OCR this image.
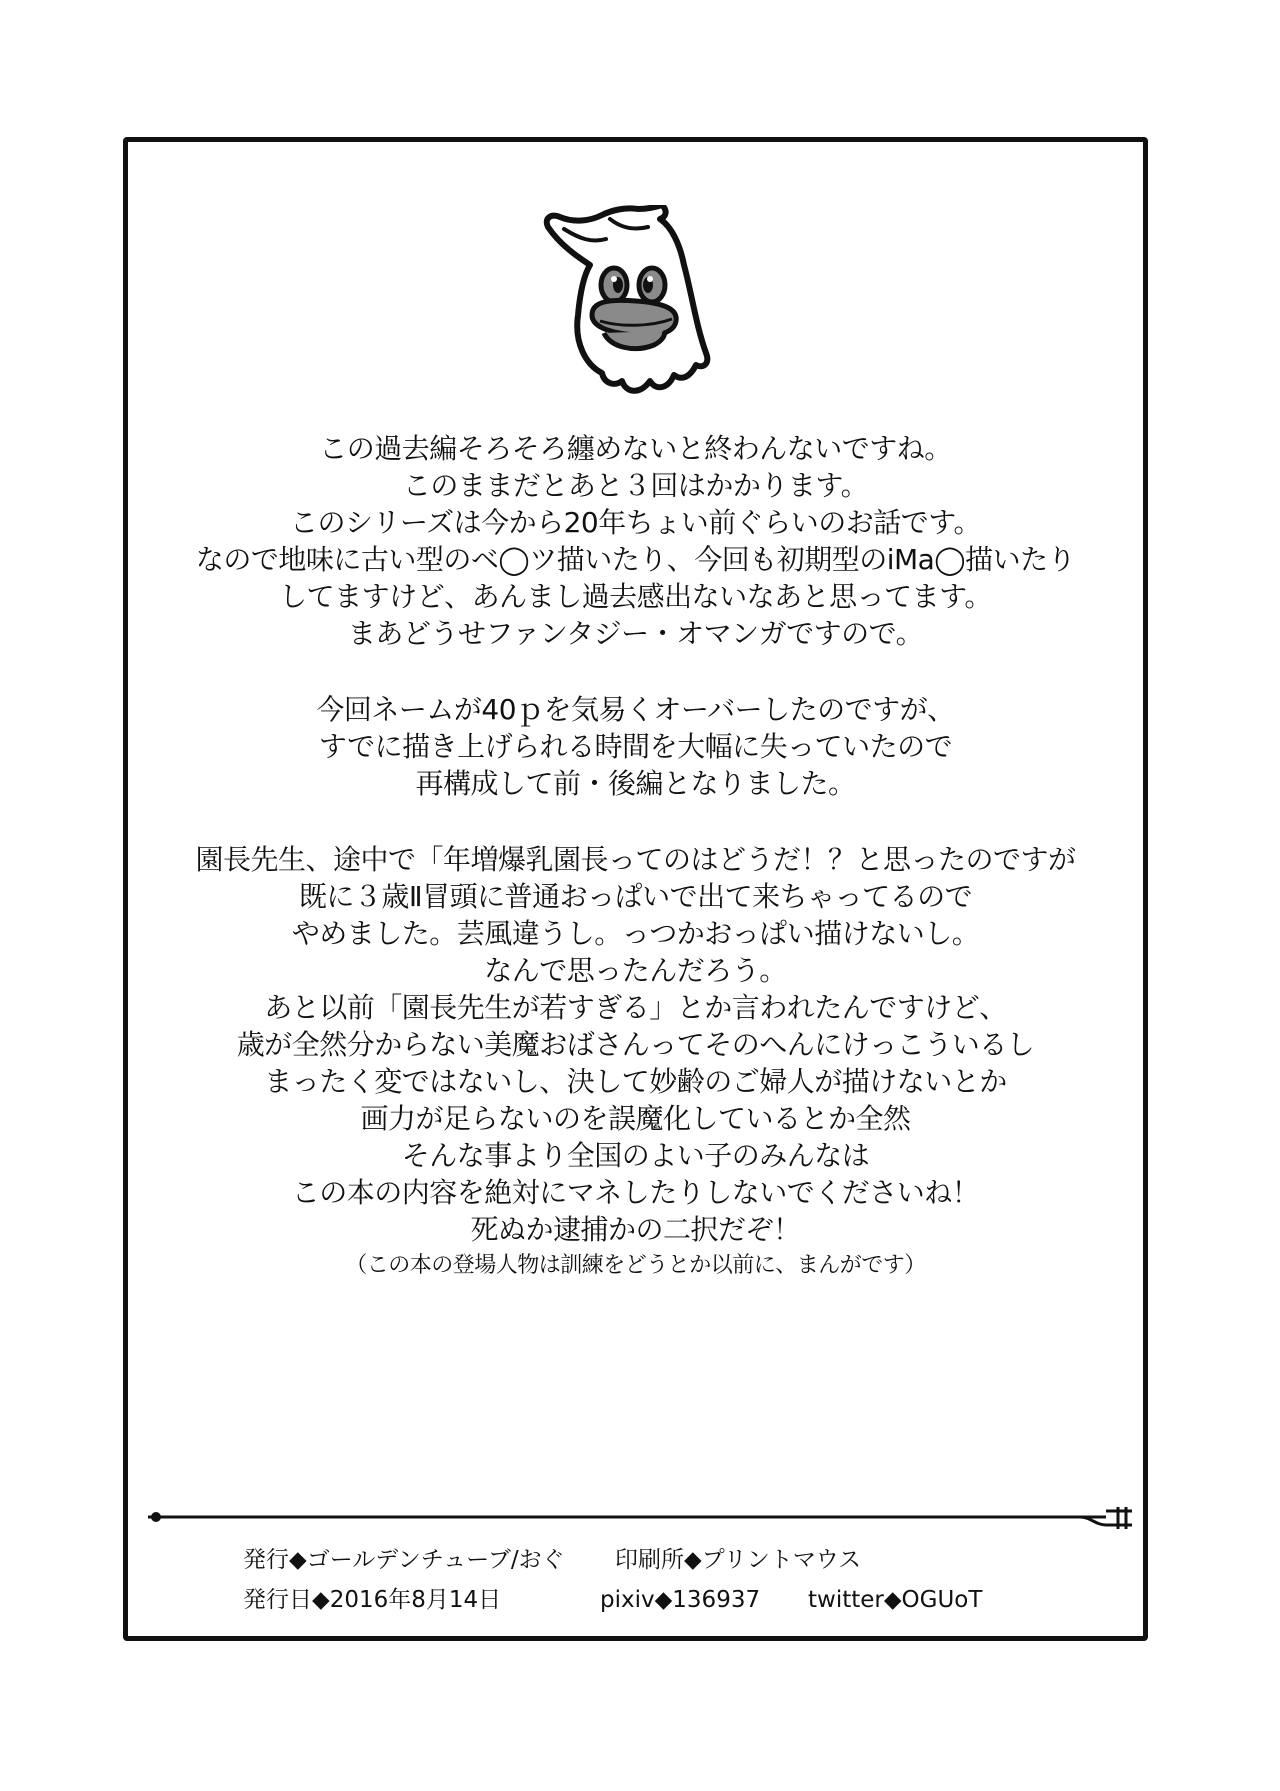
この過去編そろそろ纏めないと終わんないですね。
このままだとあと３回はかかります。
このシリーズは今から20年ちょい前ぐらいのお話です。
なので地味に古い型のベ◯ツ描いたり、今回も初期型のiMa◯描いたり
してますけど、あんまし過去感出ないなあと思ってます。
まあどうせファンタジー・オマンガですので。
今回ネームが40ｐを気易くオーバーしたのですが、
すでに描き上げられる時間を大幅に失っていたので
再構成して前・後編となりました。
園長先生、途中で「年増爆乳園長ってのはどうだ！？と思ったのですが
既に３歳Ⅱ冒頭に普通おっぱいで出て来ちゃってるので
やめました。芸風違うし。っつかおっぱい描けないし。
なんで思ったんだろう。
あと以前「園長先生が若すぎる」とか言われたんですけど、
歳が全然分からない美魔おばさんってそのへんにけっこういるし
まったく変ではないし、決して妙齢のご婦人が描けないとか
画力が足らないのを誤魔化しているとか全然
そんな事より全国のよい子のみんなは
この本の内容を絶対にマネしたりしないでくださいね！
死ぬか逮捕かの二択だぞ！
（この本の登場人物は訓練をどうとか以前に、まんがです）
発行◆ゴールデンチューブ/おぐ 印刷所◆プリントマウス
発行日◆2016年8月14日	pixiv◆136937 twitter◆OGUoT
